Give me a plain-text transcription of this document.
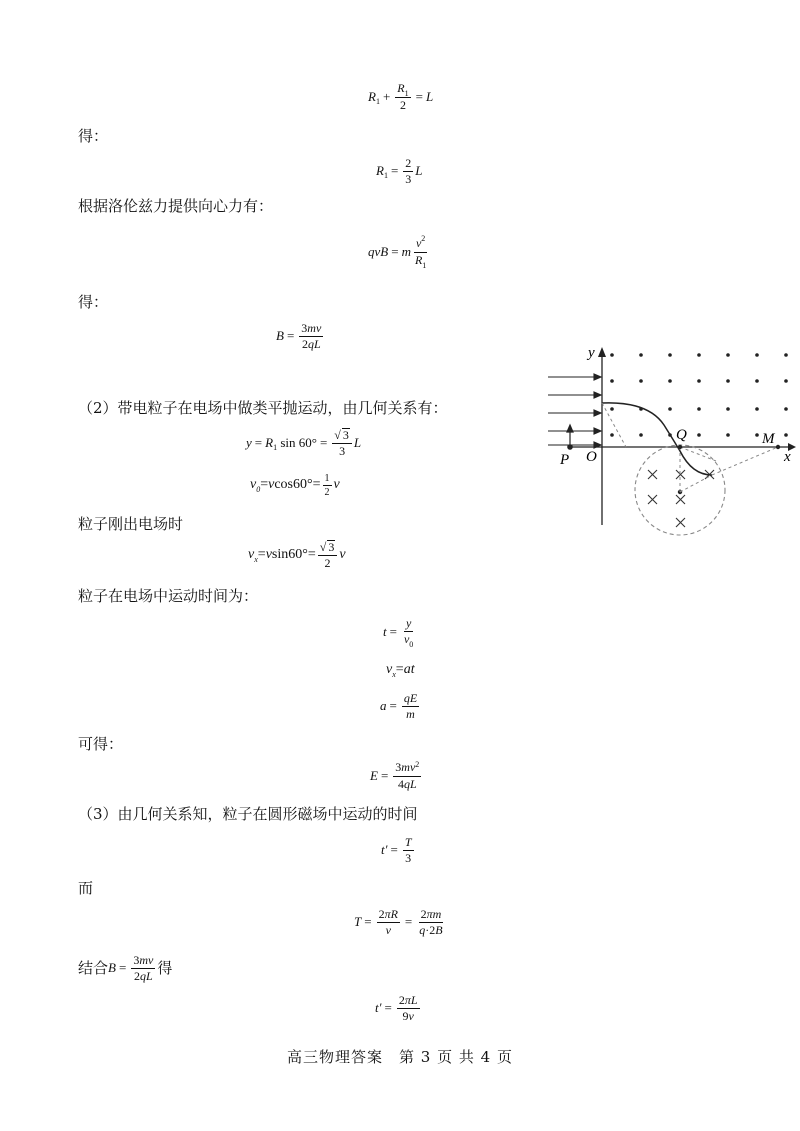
R $1 + \frac{R_1}{2} = L$
得：
R $1 = \frac{2}{3}$ L
根据洛伦兹力提供向心力有：
qvB = m $\frac{v^2}{R_1}$
得：
$B = \frac{3mv}{2qL}$
（2）带电粒子在电场中做类平抛运动，由几何关系有：
y = R 1 $\sin 60^\circ = \frac{√ 3}{3}$ L
v 0 = v $\cos 60^\circ= \frac{1}{2}$ v
粒子刚出电场时
v x = v $\sin 60^\circ= \frac{√ 3}{2}$ v
粒子在电场中运动时间为：
$t = \frac{y}{v_0}$
v x = at
$a = \frac{qE}{m}$
可得：
$E = \frac{3mv^2}{4qL}$
（3）由几何关系知，粒子在圆形磁场中运动的时间
$t' = \frac{T}{3}$
而
$T = \frac{2\pi R}{v} = \frac{2\pi m}{q\cdot 2B}$
结合 $B = \frac{3mv}{2qL}$ 得
$t' = \frac{2\pi L}{9v}$
高三物理答案　第 3 页 共 4 页
y
x
O
P
Q	M
